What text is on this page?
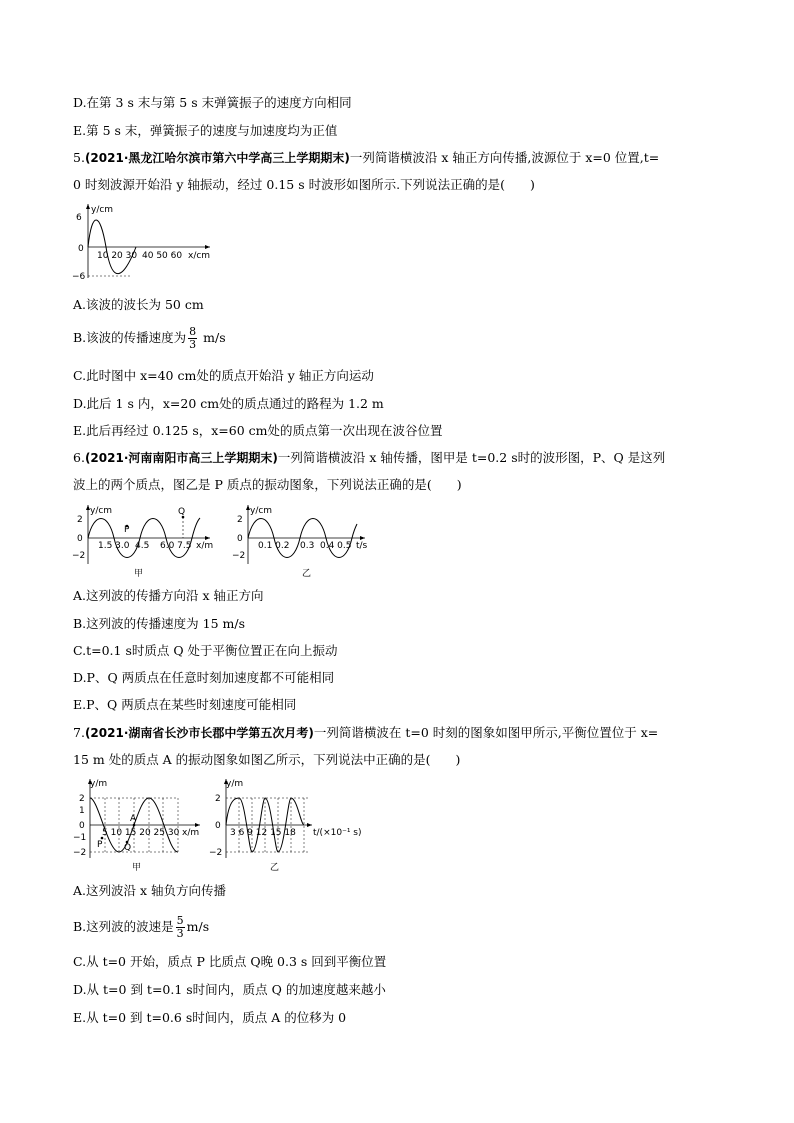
D.在第 3 s 末与第 5 s 末弹簧振子的速度方向相同
E.第 5 s 末，弹簧振子的速度与加速度均为正值
5.(2021·黑龙江哈尔滨市第六中学高三上学期期末)一列简谐横波沿 x 轴正方向传播,波源位于 x=0 位置,t=
0 时刻波源开始沿 y 轴振动，经过 0.15 s 时波形如图所示.下列说法正确的是(　　)
y/cm
6
−6
0
10 20 30 40 50 60 x/cm
A.该波的波长为 50 cm
B.该波的传播速度为 $\frac{8}{3} m/s$
C.此时图中 x=40 cm处的质点开始沿 y 轴正方向运动
D.此后 1 s 内，x=20 cm处的质点通过的路程为 1.2 m
E.此后再经过 0.125 s，x=60 cm处的质点第一次出现在波谷位置
6.(2021·河南南阳市高三上学期期末)一列简谐横波沿 x 轴传播，图甲是 t=0.2 s时的波形图，P、Q 是这列
波上的两个质点，图乙是 P 质点的振动图象，下列说法正确的是(　　)
y/cm
2
0
−2
P
Q
1.5 3.0 4.5 6.0 7.5 x/m
甲
y/cm
2
0
−2
0.1 0.2 0.3 0.4 0.5 t/s
乙
A.这列波的传播方向沿 x 轴正方向
B.这列波的传播速度为 15 m/s
C.t=0.1 s时质点 Q 处于平衡位置正在向上振动
D.P、Q 两质点在任意时刻加速度都不可能相同
E.P、Q 两质点在某些时刻速度可能相同
7.(2021·湖南省长沙市长郡中学第五次月考)一列简谐横波在 t=0 时刻的图象如图甲所示,平衡位置位于 x=
15 m 处的质点 A 的振动图象如图乙所示，下列说法中正确的是(　　)
y/m
2
1
0
−1
−2
A
P Q
5 10 15 20 25 30 x/m
甲
y/m
2
0
−2
3 6 9 12 15 18 t/(×10⁻¹ s)
乙
A.这列波沿 x 轴负方向传播
B.这列波的波速是 $\frac{5}{3} m/s$
C.从 t=0 开始，质点 P 比质点 Q晚 0.3 s 回到平衡位置
D.从 t=0 到 t=0.1 s时间内，质点 Q 的加速度越来越小
E.从 t=0 到 t=0.6 s时间内，质点 A 的位移为 0
